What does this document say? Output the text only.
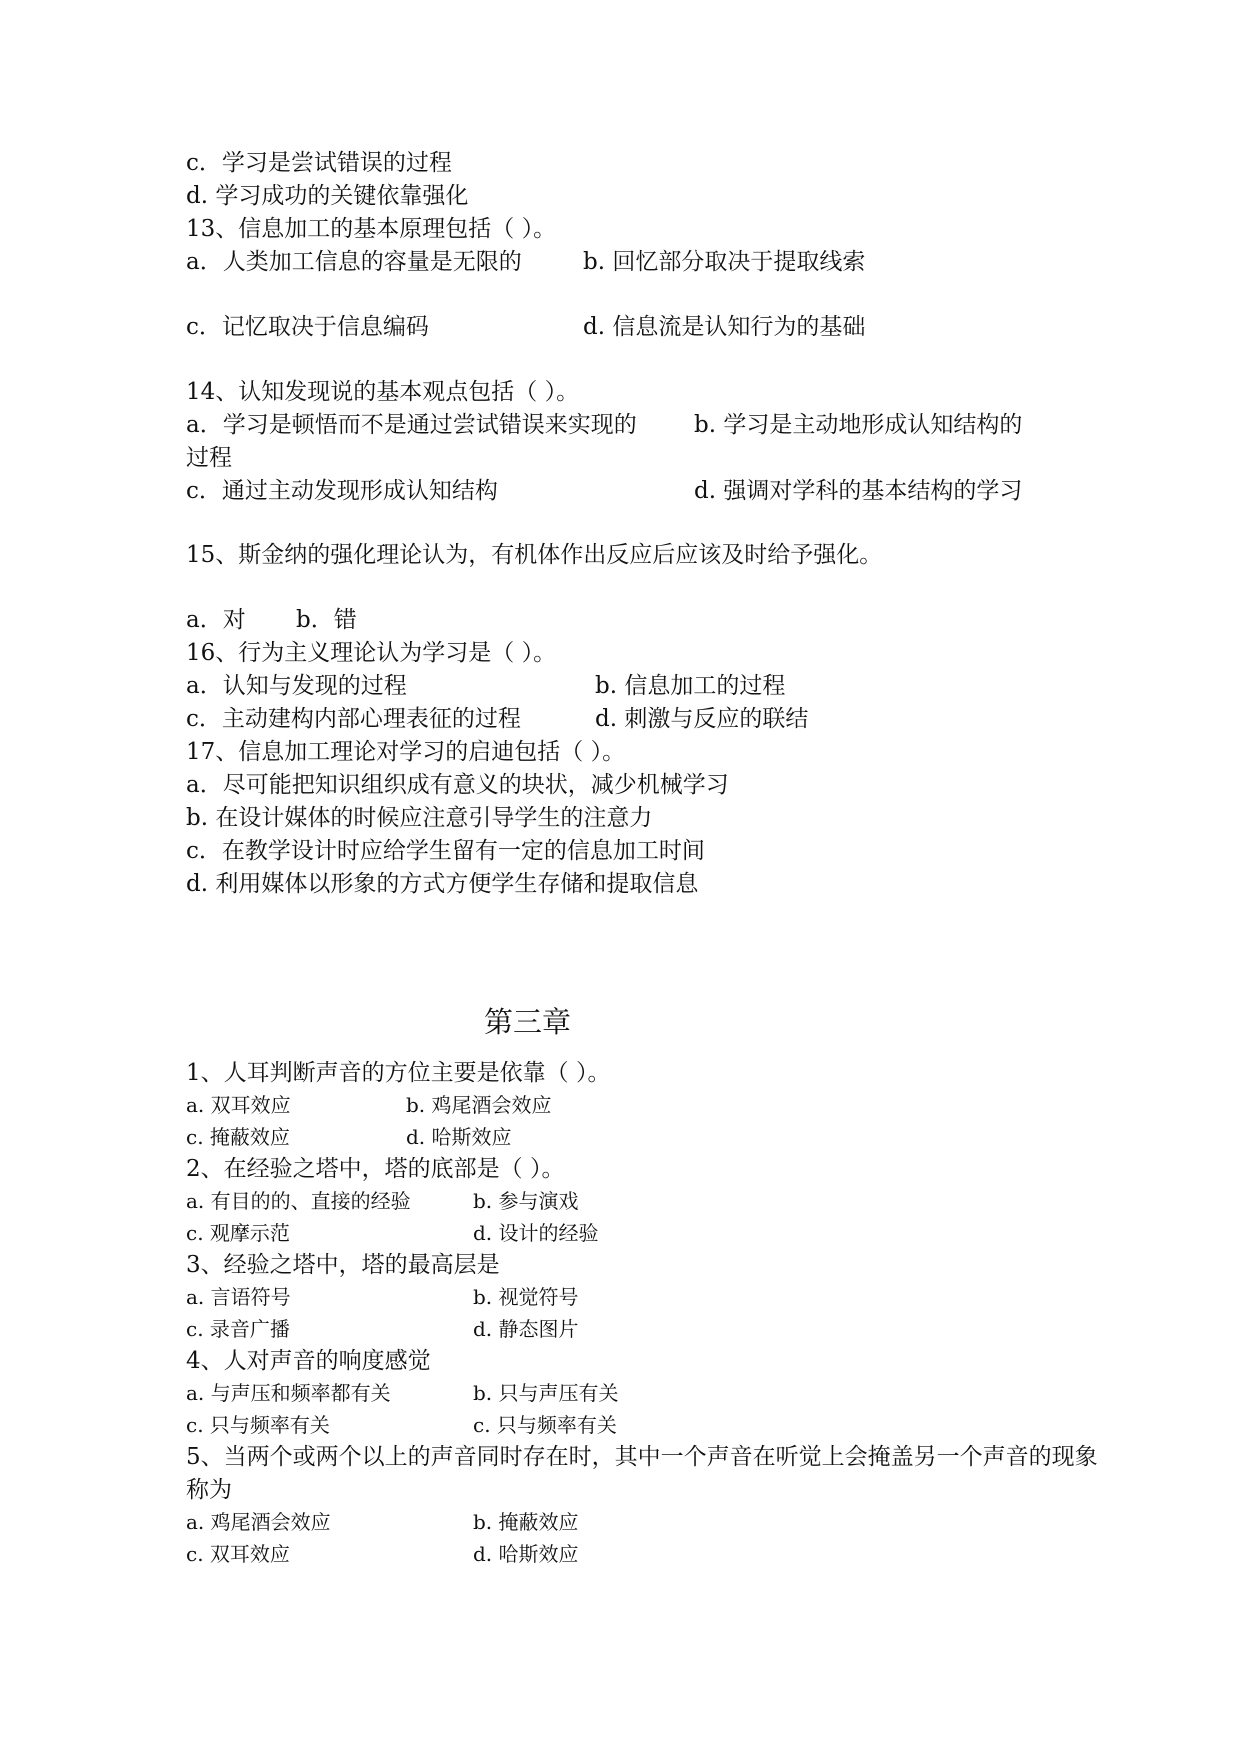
c．学习是尝试错误的过程
d. 学习成功的关键依靠强化
13、信息加工的基本原理包括（ ）。
a．人类加工信息的容量是无限的	b. 回忆部分取决于提取线索
c．记忆取决于信息编码	d. 信息流是认知行为的基础
14、认知发现说的基本观点包括（ ）。
a．学习是顿悟而不是通过尝试错误来实现的 b. 学习是主动地形成认知结构的
过程
c．通过主动发现形成认知结构	d. 强调对学科的基本结构的学习
15、斯金纳的强化理论认为，有机体作出反应后应该及时给予强化。
a．对 b．错
16、行为主义理论认为学习是（ ）。
a．认知与发现的过程	b. 信息加工的过程
c．主动建构内部心理表征的过程	d. 刺激与反应的联结
17、信息加工理论对学习的启迪包括（ ）。
a．尽可能把知识组织成有意义的块状，减少机械学习
b. 在设计媒体的时候应注意引导学生的注意力
c．在教学设计时应给学生留有一定的信息加工时间
d. 利用媒体以形象的方式方便学生存储和提取信息
第三章
1、人耳判断声音的方位主要是依靠（ ）。
a. 双耳效应	b. 鸡尾酒会效应
c. 掩蔽效应	d. 哈斯效应
2、在经验之塔中，塔的底部是（ ）。
a. 有目的的、直接的经验	b. 参与演戏
c. 观摩示范	d. 设计的经验
3、经验之塔中，塔的最高层是
a. 言语符号	b. 视觉符号
c. 录音广播	d. 静态图片
4、人对声音的响度感觉
a. 与声压和频率都有关	b. 只与声压有关
c. 只与频率有关	c. 只与频率有关
5、当两个或两个以上的声音同时存在时，其中一个声音在听觉上会掩盖另一个声音的现象
称为
a. 鸡尾酒会效应	b. 掩蔽效应
c. 双耳效应	d. 哈斯效应
